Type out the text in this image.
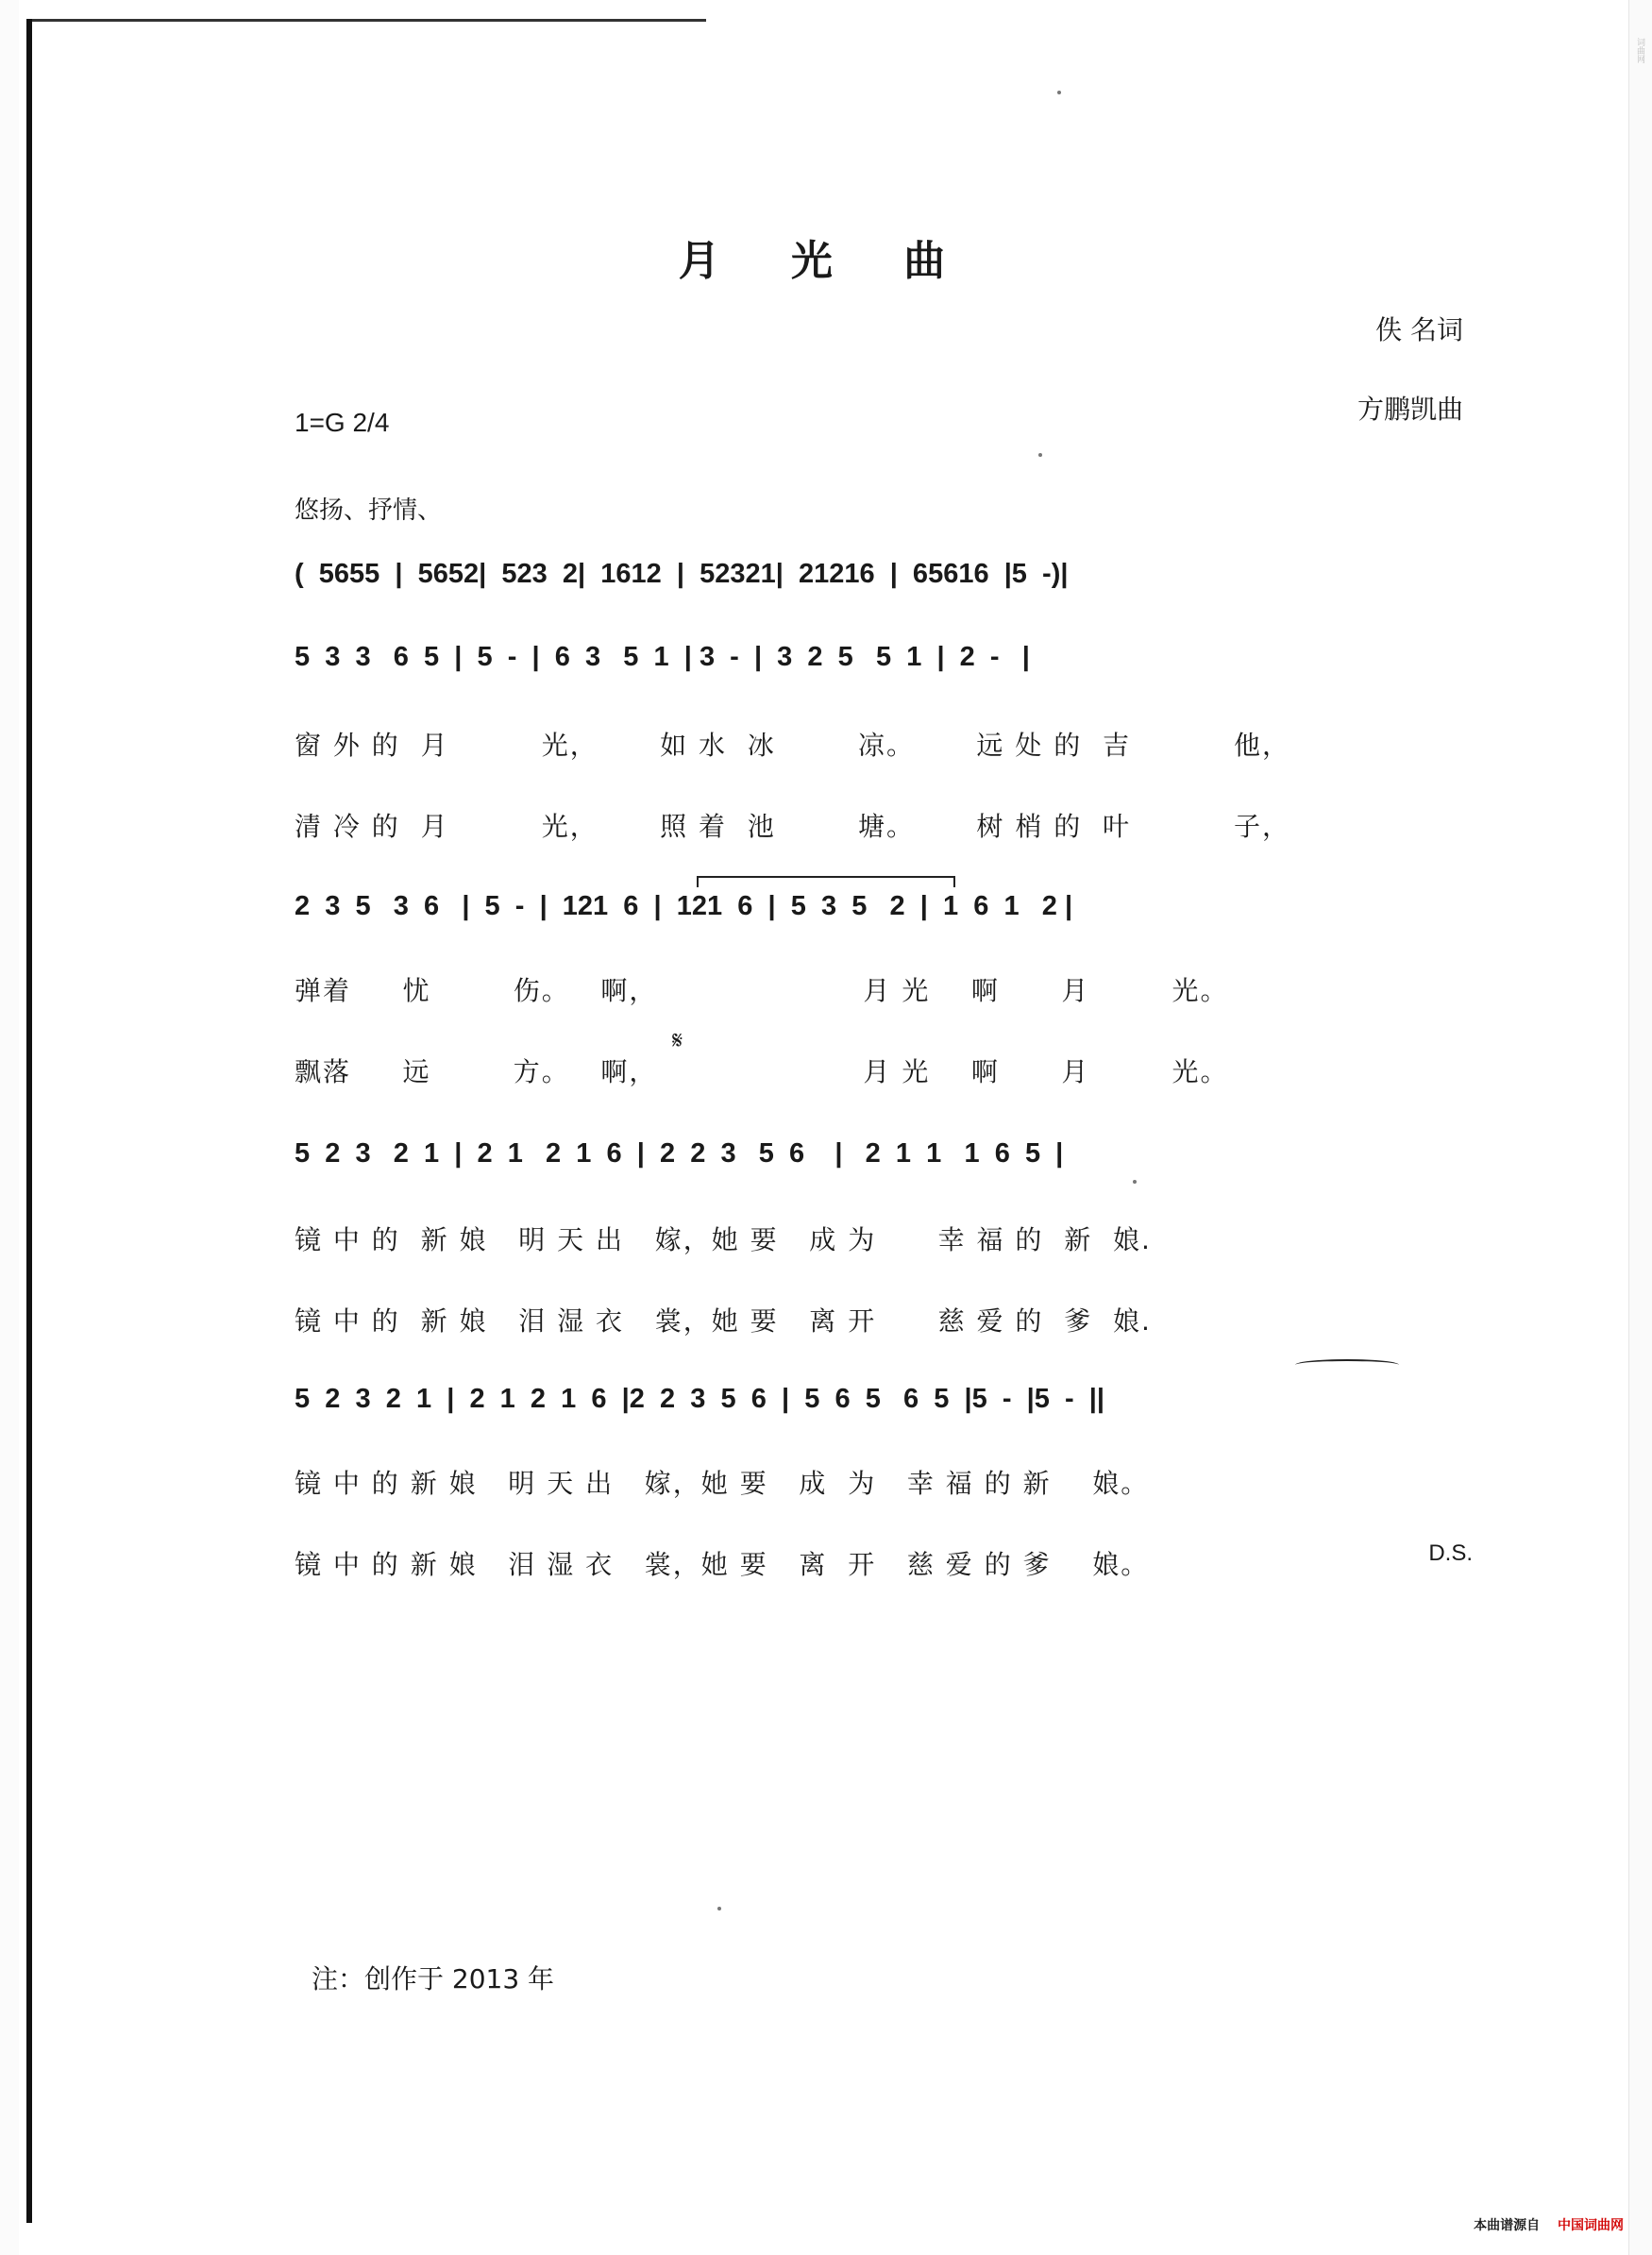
词曲网
月 光 曲
佚 名词
方鹏凯曲
1=G 2/4
悠扬、抒情、
(  5655  |  5652|  523  2|  1612  |  52321|  21216  |  65616  |5  -)|
5  3  3   6  5  |  5  -  |  6  3   5  1  | 3  -  |  3  2  5   5  1  |  2  -   |
窗 外 的  月         光，      如 水  冰        凉。      远 处 的  吉          他，
清 冷 的  月         光，      照 着  池        塘。      树 梢 的  叶          子，
2  3  5   3  6   |  5  -  |  121  6  |  121  6  |  5  3  5   2  |  1  6  1   2 |
弹着     忧        伤。   啊，                    月 光    啊      月        光。
𝄋
飘落     远        方。   啊，                    月 光    啊      月        光。
5  2  3   2  1  |  2  1   2  1  6  |  2  2  3   5  6    |   2  1  1   1  6  5  |
镜 中 的  新 娘   明 天 出   嫁，她 要   成 为      幸 福 的  新  娘.
镜 中 的  新 娘   泪 湿 衣   裳，她 要   离 开      慈 爱 的  爹  娘.
5  2  3  2  1  |  2  1  2  1  6  |2  2  3  5  6  |  5  6  5   6  5  |5  -  |5  -  ||
镜 中 的 新 娘   明 天 出   嫁，她 要   成  为   幸 福 的 新    娘。
镜 中 的 新 娘   泪 湿 衣   裳，她 要   离  开   慈 爱 的 爹    娘。	D.S.
注：创作于 2013 年
本曲谱源自 中国词曲网
